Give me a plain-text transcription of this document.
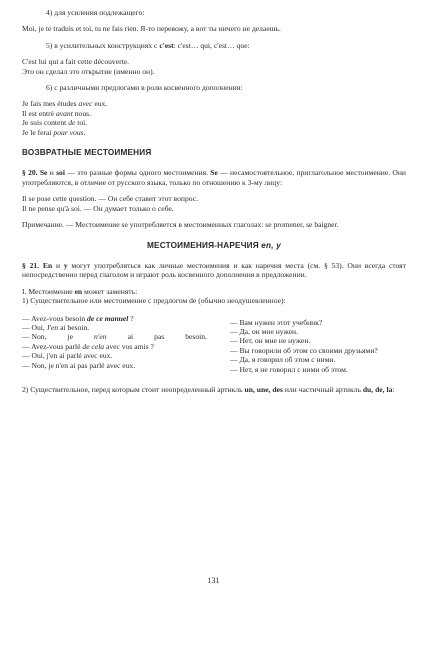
4) для усиления подлежащего:

Moi, je te traduis et toi, tu ne fais rien. Я-то перевожу, а вот ты ничего не делаешь.

5) в усилительных конструкциях с c'est: c'est… qui, c'est… que:

C'est lui qui a fait cette découverte.

Это он сделал это открытие (именно он).

6) с различными предлогами в роли косвенного дополнения:

Je fais mes études avec eux.

Il est entré avant nous.

Je suis content de toi.

Je le ferai pour vous.

ВОЗВРАТНЫЕ МЕСТОИМЕНИЯ

§ 20. Se и soi — это разные формы одного местоимения. Se — несамостоятельное, приглагольное местоимение. Они употребляются, в отличие от русского языка, только по отношению к 3-му лицу:

Il se pose cette question. — Он себе ставит этот вопрос.

Il ne pense qu'à soi. — Он думает только о себе.

Примечание. — Местоимение se употребляется в местоименных глаголах: se promener, se baigner.

МЕСТОИМЕНИЯ-НАРЕЧИЯ en, y

§ 21. En и y могут употребляться как личные местоимения и как наречия места (см. § 53). Они всегда стоят непосредственно перед глаголом и играют роль косвенного дополнения в предложении.

I. Местоимение en может заменять:

1) Существительное или местоимение с предлогом de (обычно неодушевленное):

— Avez-vous besoin de ce manuel ?

— Oui, J'en ai besoin.

— Non,	je	n'en	ai	pas	besoin.

— Avez-vous parlé de cela avec vos amis ?

— Oui, j'en ai parlé avec eux.

— Non, je n'en ai pas parlé avec eux.

— Вам нужен этот учебник?

— Да, он мне нужен.

— Нет, он мне не нужен.

— Вы говорили об этом со своими друзьями?

— Да, я говорил об этом с ними.

— Нет, я не говорил с ними об этом.

2) Существительное, перед которым стоит неопределенный артикль un, une, des или частичный артикль du, de, la:

131
